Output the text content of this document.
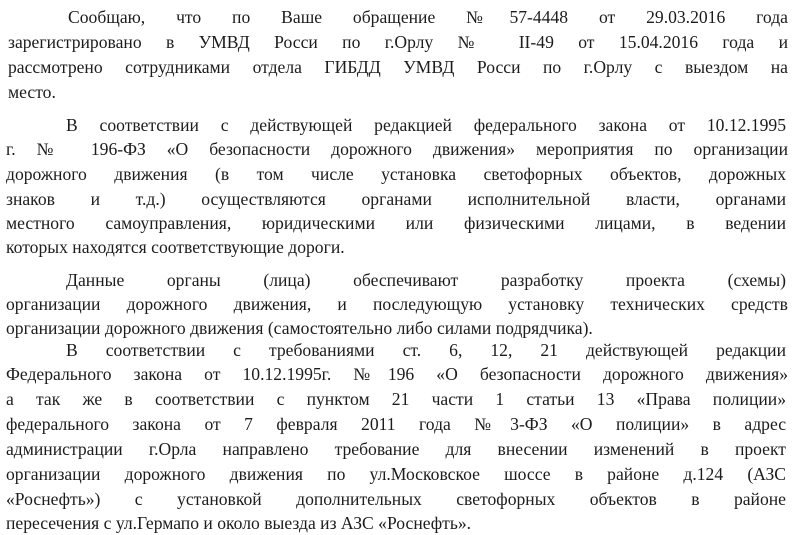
Сообщаю, что по Ваше обращение №57-4448 от 29.03.2016 года
зарегистрировано в УМВД Росси по г.Орлу № II-49 от 15.04.2016 года и
рассмотрено сотрудниками отдела ГИБДД УМВД Росси по г.Орлу с выездом на
место.
В соответствии с действующей редакцией федерального закона от 10.12.1995
г. № 196-ФЗ «О безопасности дорожного движения» мероприятия по организации
дорожного движения (в том числе установка светофорных объектов, дорожных
знаков и т.д.) осуществляются органами исполнительной власти, органами
местного самоуправления, юридическими или физическими лицами, в ведении
которых находятся соответствующие дороги.
Данные органы (лица) обеспечивают разработку проекта (схемы)
организации дорожного движения, и последующую установку технических средств
организации дорожного движения (самостоятельно либо силами подрядчика).
В соответствии с требованиями ст. 6, 12, 21 действующей редакции
Федерального закона от 10.12.1995г. №196 «О безопасности дорожного движения»
а так же в соответствии с пунктом 21 части 1 статьи 13 «Права полиции»
федерального закона от 7 февраля 2011 года №3-ФЗ «О полиции» в адрес
администрации г.Орла направлено требование для внесении изменений в проект
организации дорожного движения по ул.Московское шоссе в районе д.124 (АЗС
«Роснефть») с установкой дополнительных светофорных объектов в районе
пересечения с ул.Гермапо и около выезда из АЗС «Роснефть».
